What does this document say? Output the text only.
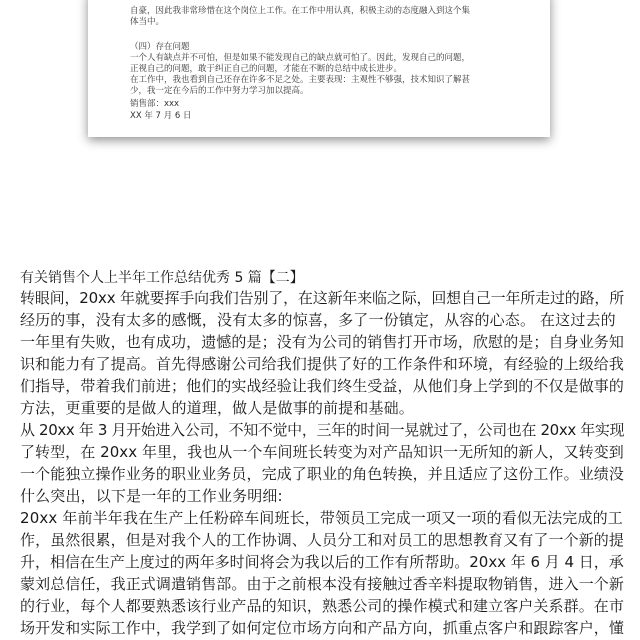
自豪，因此我非常珍惜在这个岗位上工作。在工作中用认真，积极主动的态度融入到这个集
体当中。
（四）存在问题
一个人有缺点并不可怕，但是如果不能发现自己的缺点就可怕了。因此，发现自己的问题，
正视自己的问题，敢于纠正自己的问题，才能在不断的总结中成长进步。
在工作中，我也看到自己还存在许多不足之处。主要表现：主观性不够强，技术知识了解甚
少，我一定在今后的工作中努力学习加以提高。
销售部：xxx
XX 年 7 月 6 日
有关销售个人上半年工作总结优秀 5 篇【二】
转眼间，20xx 年就要挥手向我们告别了，在这新年来临之际，回想自己一年所走过的路，所
经历的事，没有太多的感慨，没有太多的惊喜，多了一份镇定，从容的心态。 在这过去的
一年里有失败，也有成功，遗憾的是；没有为公司的销售打开市场，欣慰的是；自身业务知
识和能力有了提高。首先得感谢公司给我们提供了好的工作条件和环境，有经验的上级给我
们指导，带着我们前进；他们的实战经验让我们终生受益，从他们身上学到的不仅是做事的
方法，更重要的是做人的道理，做人是做事的前提和基础。
从 20xx 年 3 月开始进入公司，不知不觉中，三年的时间一晃就过了，公司也在 20xx 年实现
了转型，在 20xx 年里，我也从一个车间班长转变为对产品知识一无所知的新人，又转变到
一个能独立操作业务的职业业务员，完成了职业的角色转换，并且适应了这份工作。业绩没
什么突出，以下是一年的工作业务明细:
20xx 年前半年我在生产上任粉碎车间班长，带领员工完成一项又一项的看似无法完成的工
作，虽然很累，但是对我个人的工作协调、人员分工和对员工的思想教育又有了一个新的提
升，相信在生产上度过的两年多时间将会为我以后的工作有所帮助。20xx 年 6 月 4 日，承
蒙刘总信任，我正式调遣销售部。由于之前根本没有接触过香辛料提取物销售，进入一个新
的行业，每个人都要熟悉该行业产品的知识，熟悉公司的操作模式和建立客户关系群。在市
场开发和实际工作中，我学到了如何定位市场方向和产品方向，抓重点客户和跟踪客户，懂
